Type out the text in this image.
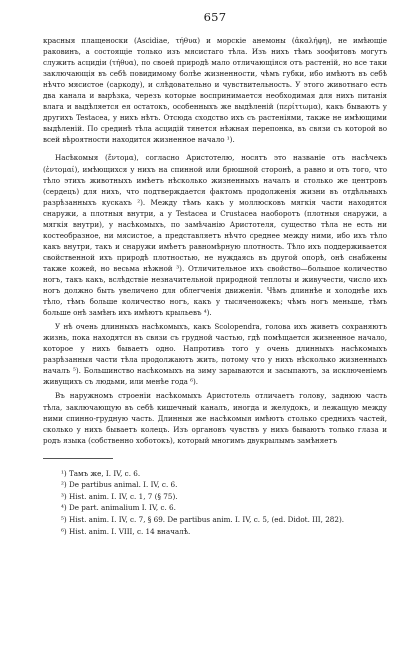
657

красныя плащеноски (Ascidiae, τήθυα) и морскiе анемоны (ἀκαλήφη), не имѣющiе раковинъ, а состоящiе только изъ мясистаго тѣла. Изъ нихъ тѣмъ зоофитовъ могутъ служить асцидiи (τήθυα), по своей природѣ мало отличающiяся отъ растенiй, но все таки заключающiя въ себѣ повидимому болѣе жизненности, чѣмъ губки, ибо имѣютъ въ себѣ нѣчто мясистое (саркоду), и слѣдовательно и чувствительность. У этого животнаго есть два канала и вырѣзка, черезъ которые воспринимается необходимая для нихъ питанiя влага и выдѣляется ея остатокъ, особенныхъ же выдѣленiй (περίττωμα), какъ бываютъ у другихъ Testacea, у нихъ нѣтъ. Отсюда сходство ихъ съ растенiями, также не имѣющими выдѣленiй. По срединѣ тѣла асцидiй тянется нѣжная перепонка, въ связи съ которой во всей вѣроятности находится жизненное начало ¹).

Насѣкомыя (ἔντομα), согласно Аристотелю, носятъ это названiе отъ насѣчекъ (ἐντομαί), имѣющихся у нихъ на спинной или брюшной сторонѣ, а равно и отъ того, что тѣло этихъ животныхъ имѣетъ нѣсколько жизненныхъ началъ и столько же центровъ (сердецъ) для нихъ, что подтверждается фактомъ продолженiя жизни въ отдѣльныхъ разрѣзанныхъ кускахъ ²). Между тѣмъ какъ у моллюсковъ мягкiя части находятся снаружи, а плотныя внутри, а у Testacea и Crustacea наоборотъ (плотныя снаружи, а мягкiя внутри), у насѣкомыхъ, по замѣчанiю Аристотеля, существо тѣла не есть ни костеобразное, ни мясистое, а представляетъ нѣчто среднее между ними, ибо ихъ тѣло какъ внутри, такъ и снаружи имѣетъ равномѣрную плотность. Тѣло ихъ поддерживается свойственной ихъ природѣ плотностью, не нуждаясь въ другой опорѣ, онѣ снабжены также кожей, но весьма нѣжной ³). Отличительное ихъ свойство—большое количество ногъ, такъ какъ, вслѣдствiе незначительной природной теплоты и живучести, число ихъ ногъ должно быть увеличено для облегченiя движенiя. Чѣмъ длиннѣе и холоднѣе ихъ тѣло, тѣмъ больше количество ногъ, какъ у тысяченожекъ; чѣмъ ногъ меньше, тѣмъ больше онѣ замѣнъ ихъ имѣютъ крыльевъ ⁴).

У нѣ очень длинныхъ насѣкомыхъ, какъ Scolopendra, голова ихъ живетъ сохраняютъ жизнь, пока находятся въ связи съ грудной частью, гдѣ помѣщается жизненное начало, которое у нихъ бываетъ одно. Напротивъ того у очень длинныхъ насѣкомыхъ разрѣзанныя части тѣла продолжаютъ жить, потому что у нихъ нѣсколько жизненныхъ началъ ⁵). Большинство насѣкомыхъ на зиму зарываются и засыпаютъ, за исключенiемъ живущихъ съ людьми, или менѣе года ⁶).

Въ наружномъ строенiи насѣкомыхъ Аристотель отличаетъ голову, заднюю часть тѣла, заключающую въ себѣ кишечный каналъ, иногда и желудокъ, и лежащую между ними спинно-грудную часть. Длинныя же насѣкомыя имѣютъ столько среднихъ частей, сколько у нихъ бываетъ колецъ. Изъ органовъ чувствъ у нихъ бываютъ только глаза и родъ языка (собственно хоботокъ), который многимъ двукрылымъ замѣняетъ

¹) Тамъ же, I. IV, с. 6.
²) De partibus animal. I. IV, с. 6.
³) Hist. anim. I. IV, с. 1, 7 (§ 75).
⁴) De part. animalium I. IV, с. 6.
⁵) Hist. anim. I. IV, с. 7, § 69. De partibus anim. I. IV, c. 5, (ed. Didot. III, 282).
⁶) Hist. anim. I. VIII, с. 14 вначалѣ.
